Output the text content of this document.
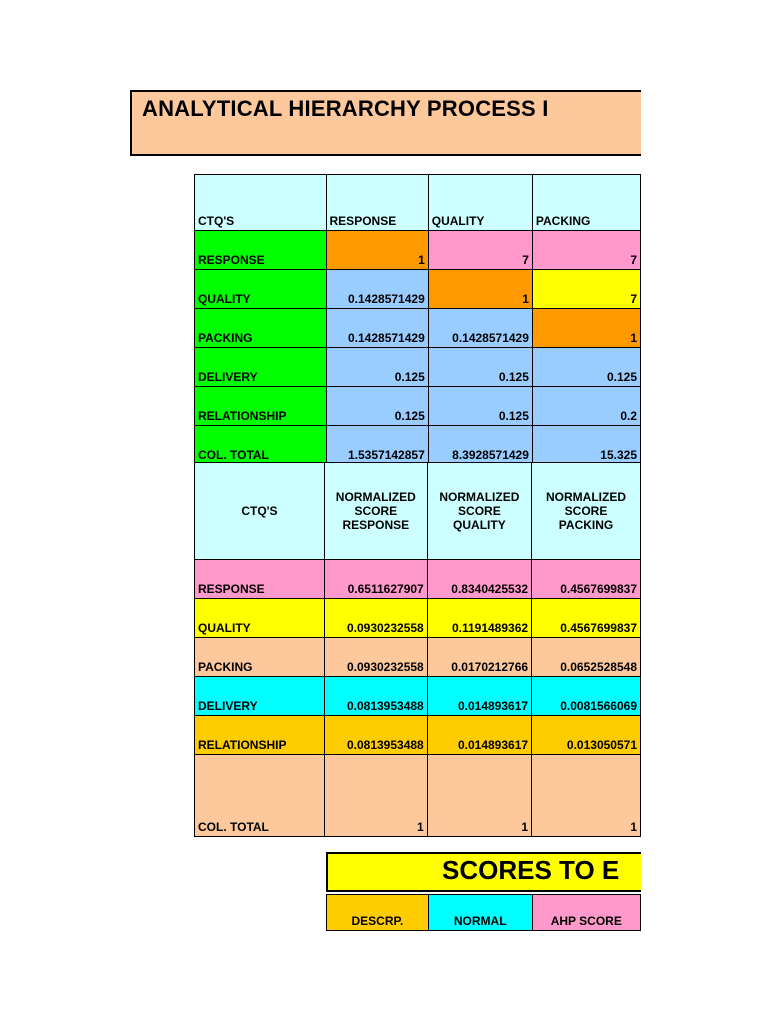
ANALYTICAL HIERARCHY PROCESS I
CTQ'S	RESPONSE	QUALITY	PACKING
RESPONSE	1	7	7
QUALITY	0.1428571429	1	7
PACKING	0.1428571429	0.1428571429	1
DELIVERY	0.125	0.125	0.125
RELATIONSHIP	0.125	0.125	0.2
COL. TOTAL	1.5357142857	8.3928571429	15.325
CTQ'S	NORMALIZED SCORE RESPONSE	NORMALIZED SCORE QUALITY	NORMALIZED SCORE PACKING
RESPONSE	0.6511627907	0.8340425532	0.4567699837
QUALITY	0.0930232558	0.1191489362	0.4567699837
PACKING	0.0930232558	0.0170212766	0.0652528548
DELIVERY	0.0813953488	0.014893617	0.0081566069
RELATIONSHIP	0.0813953488	0.014893617	0.013050571
COL. TOTAL	1	1	1
SCORES TO E
DESCRP.	NORMAL	AHP SCORE
